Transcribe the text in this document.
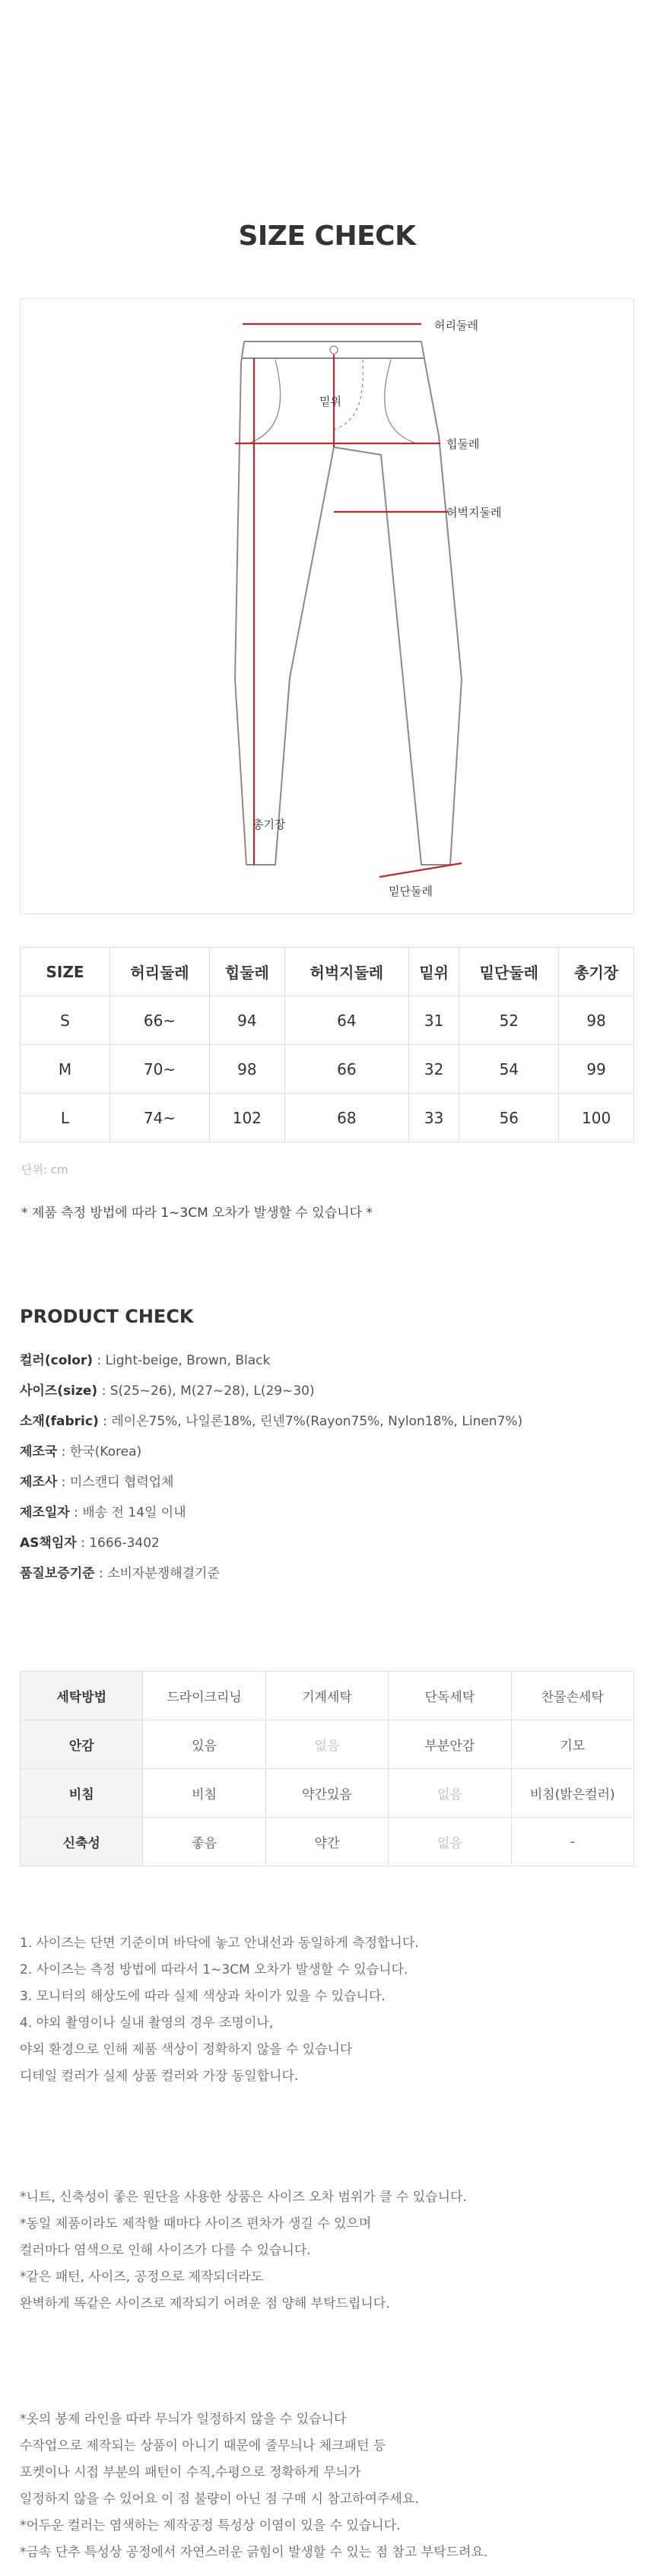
SIZE CHECK
허리둘레
밑위
힙둘레
허벅지둘레
총기장
밑단둘레
SIZE	허리둘레	힙둘레	허벅지둘레	밑위	밑단둘레	총기장
S	66~	94	64	31	52	98
M	70~	98	66	32	54	99
L	74~	102	68	33	56	100
단위: cm
* 제품 측정 방법에 따라 1~3CM 오차가 발생할 수 있습니다 *
PRODUCT CHECK
컬러(color) : Light-beige, Brown, Black
사이즈(size) : S(25~26), M(27~28), L(29~30)
소재(fabric) : 레이온75%, 나일론18%, 린넨7%(Rayon75%, Nylon18%, Linen7%)
제조국 : 한국(Korea)
제조사 : 미스캔디 협력업체
제조일자 : 배송 전 14일 이내
AS책임자 : 1666-3402
품질보증기준 : 소비자분쟁해결기준
세탁방법	드라이크리닝	기계세탁	단독세탁	찬물손세탁
안감	있음	없음	부분안감	기모
비침	비침	약간있음	없음	비침(밝은컬러)
신축성	좋음	약간	없음	-
1. 사이즈는 단면 기준이며 바닥에 놓고 안내선과 동일하게 측정합니다.
2. 사이즈는 측정 방법에 따라서 1~3CM 오차가 발생할 수 있습니다.
3. 모니터의 해상도에 따라 실제 색상과 차이가 있을 수 있습니다.
4. 야외 촬영이나 실내 촬영의 경우 조명이나,
야외 환경으로 인해 제품 색상이 정확하지 않을 수 있습니다
디테일 컬러가 실제 상품 컬러와 가장 동일합니다.
*니트, 신축성이 좋은 원단을 사용한 상품은 사이즈 오차 범위가 클 수 있습니다.
*동일 제품이라도 제작할 때마다 사이즈 편차가 생길 수 있으며
컬러마다 염색으로 인해 사이즈가 다를 수 있습니다.
*같은 패턴, 사이즈, 공정으로 제작되더라도
완벽하게 똑같은 사이즈로 제작되기 어려운 점 양해 부탁드립니다.
*옷의 봉제 라인을 따라 무늬가 일정하지 않을 수 있습니다
수작업으로 제작되는 상품이 아니기 때문에 줄무늬나 체크패턴 등
포켓이나 시접 부분의 패턴이 수직,수평으로 정확하게 무늬가
일정하지 않을 수 있어요 이 점 불량이 아닌 점 구매 시 참고하여주세요.
*어두운 컬러는 염색하는 제작공정 특성상 이염이 있을 수 있습니다.
*금속 단추 특성상 공정에서 자연스러운 긁힘이 발생할 수 있는 점 참고 부탁드려요.
